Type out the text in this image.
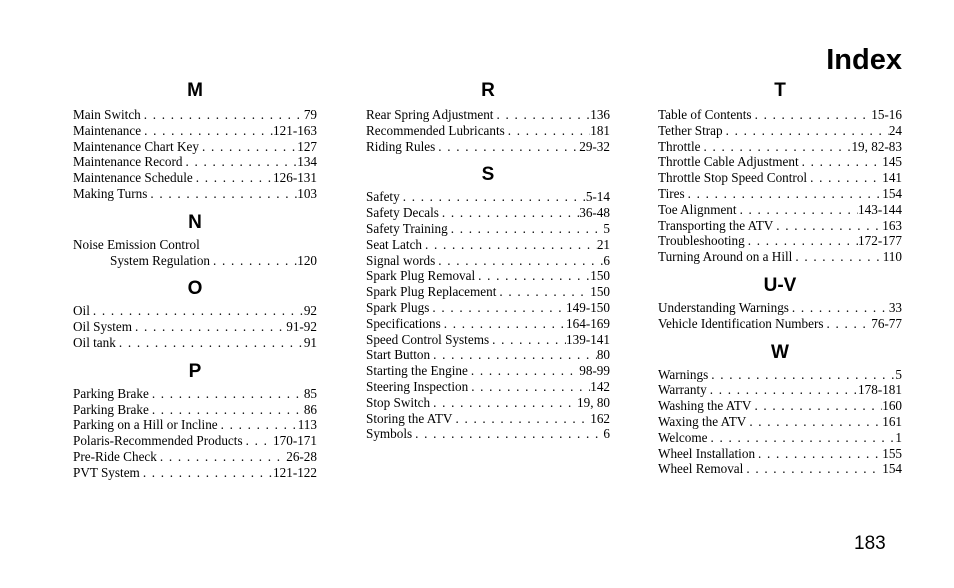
Index
M
Main Switch . . .	79
Maintenance . . .	121-163
Maintenance Chart Key . . .	127
Maintenance Record . . .	134
Maintenance Schedule . . .	126-131
Making Turns . . .	103
N
Noise Emission Control
System Regulation . . .	120
O
Oil . . .	92
Oil System . . .	91-92
Oil tank . . .	91
P
Parking Brake . . .	85
Parking Brake . . .	86
Parking on a Hill or Incline . . .	113
Polaris-Recommended Products . . . 170-171
Pre-Ride Check . . .	26-28
PVT System . . .	121-122
R
Rear Spring Adjustment . . .	136
Recommended Lubricants . . .	181
Riding Rules . . .	29-32
S
Safety . . .	5-14
Safety Decals . . .	36-48
Safety Training . . .	5
Seat Latch . . .	21
Signal words . . .	6
Spark Plug Removal . . .	150
Spark Plug Replacement . . .	150
Spark Plugs . . .	149-150
Specifications . . .	164-169
Speed Control Systems . . .	139-141
Start Button . . .	80
Starting the Engine . . .	98-99
Steering Inspection . . .	142
Stop Switch . . .	19, 80
Storing the ATV . . .	162
Symbols . . .	6
T
Table of Contents . . .	15-16
Tether Strap . . .	24
Throttle . . .	19, 82-83
Throttle Cable Adjustment . . .	145
Throttle Stop Speed Control . . .	141
Tires . . .	154
Toe Alignment . . .	143-144
Transporting the ATV . . .	163
Troubleshooting . . .	172-177
Turning Around on a Hill . . .	110
U-V
Understanding Warnings . . .	33
Vehicle Identification Numbers . . .	76-77
W
Warnings . . .	5
Warranty . . .	178-181
Washing the ATV . . .	160
Waxing the ATV . . .	161
Welcome . . .	1
Wheel Installation . . .	155
Wheel Removal . . .	154

183
